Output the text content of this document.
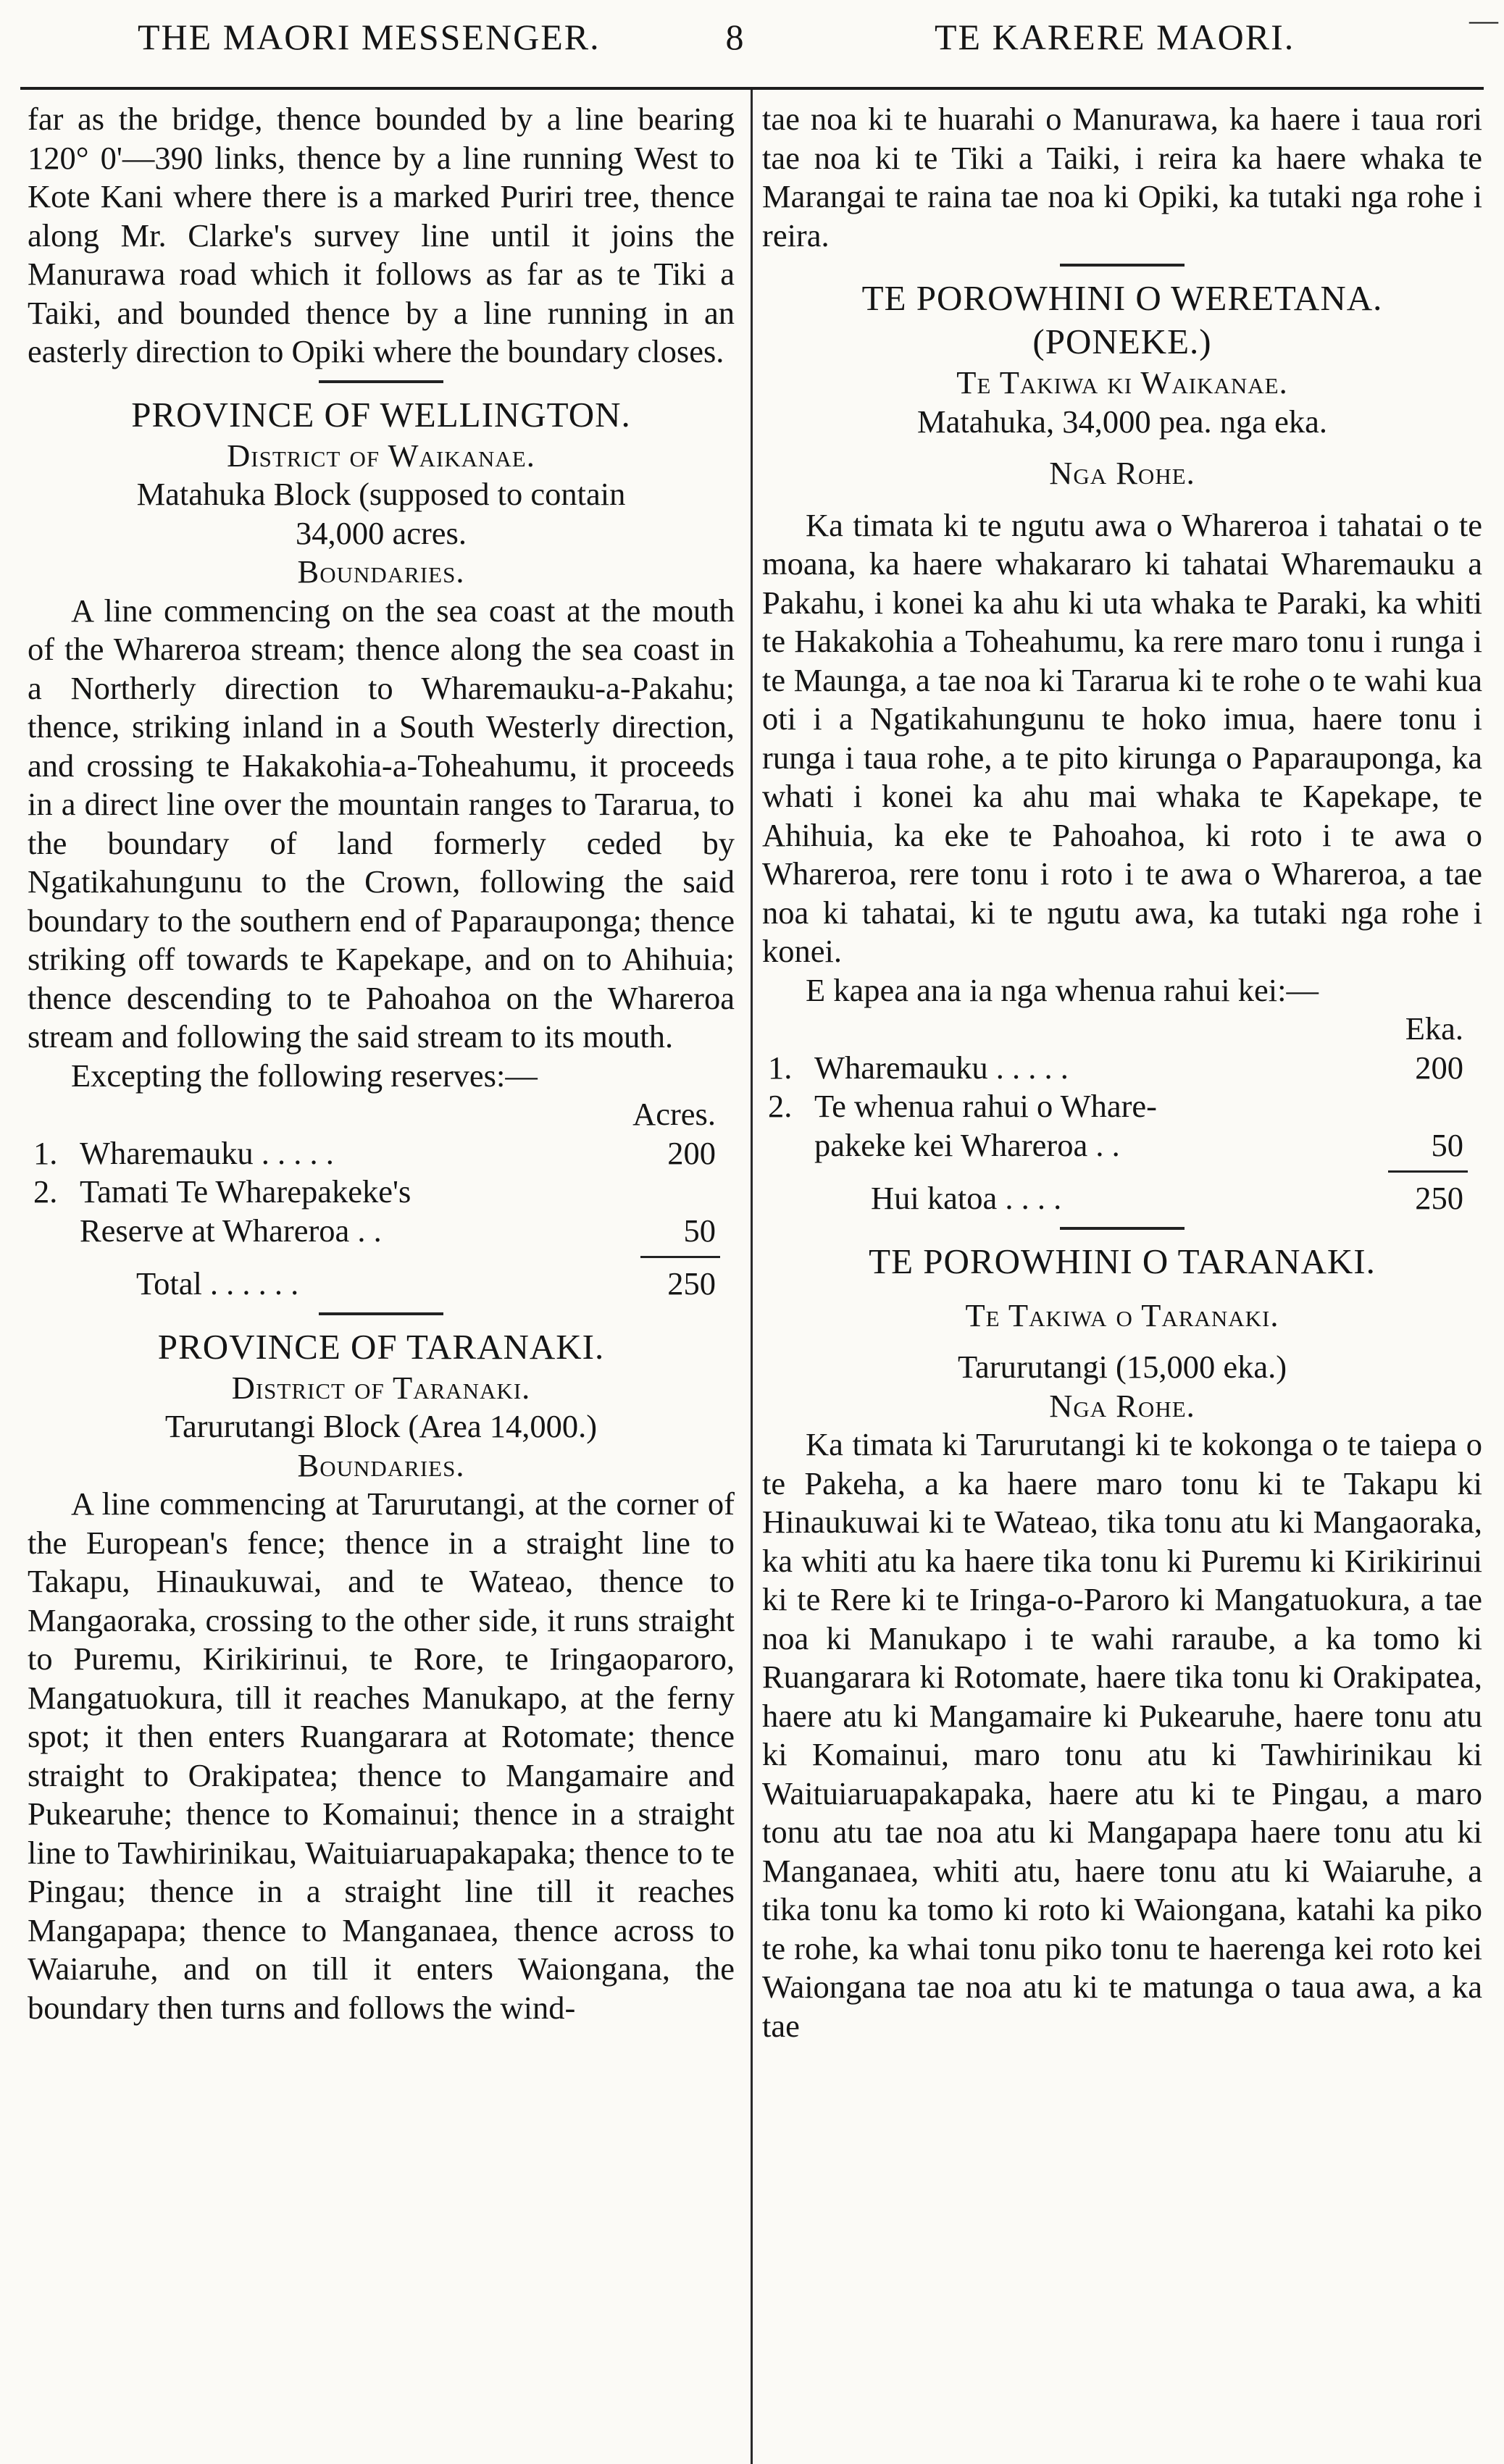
THE MAORI MESSENGER.	8	TE KARERE MAORI.	—

far as the bridge, thence bounded by a line bearing 120° 0'—390 links, thence by a line running West to Kote Kani where there is a marked Puriri tree, thence along Mr. Clarke's survey line until it joins the Manurawa road which it follows as far as te Tiki a Taiki, and bounded thence by a line running in an easterly direction to Opiki where the boundary closes.

PROVINCE OF WELLINGTON.
District of Waikanae.
Matahuka Block (supposed to contain
34,000 acres.
Boundaries.

A line commencing on the sea coast at the mouth of the Whareroa stream; thence along the sea coast in a Northerly direction to Wharemauku-a-Pakahu; thence, striking inland in a South Westerly direction, and crossing te Hakakohia-a-Toheahumu, it proceeds in a direct line over the mountain ranges to Tararua, to the boundary of land formerly ceded by Ngatikahungunu to the Crown, following the said boundary to the southern end of Paparauponga; thence striking off towards te Kapekape, and on to Ahihuia; thence descending to te Pahoahoa on the Whareroa stream and following the said stream to its mouth.

Excepting the following reserves:—

Acres.
1. Wharemauku . . . . .	200
2. Tamati Te Wharepakeke's
Reserve at Whareroa . .	50
Total . . . . . .	250
PROVINCE OF TARANAKI.
District of Taranaki.
Tarurutangi Block (Area 14,000.)
Boundaries.

A line commencing at Tarurutangi, at the corner of the European's fence; thence in a straight line to Takapu, Hinaukuwai, and te Wateao, thence to Mangaoraka, crossing to the other side, it runs straight to Puremu, Kirikirinui, te Rore, te Iringaoparoro, Mangatuokura, till it reaches Manukapo, at the ferny spot; it then enters Ruangarara at Rotomate; thence straight to Orakipatea; thence to Mangamaire and Pukearuhe; thence to Komainui; thence in a straight line to Tawhirinikau, Waituiaruapakapaka; thence to te Pingau; thence in a straight line till it reaches Mangapapa; thence to Manganaea, thence across to Waiaruhe, and on till it enters Waiongana, the boundary then turns and follows the wind-

tae noa ki te huarahi o Manurawa, ka haere i taua rori tae noa ki te Tiki a Taiki, i reira ka haere whaka te Marangai te raina tae noa ki Opiki, ka tutaki nga rohe i reira.

TE POROWHINI O WERETANA.
(PONEKE.)
Te Takiwa ki Waikanae.
Matahuka, 34,000 pea. nga eka.
Nga Rohe.

Ka timata ki te ngutu awa o Whareroa i tahatai o te moana, ka haere whakararo ki tahatai Wharemauku a Pakahu, i konei ka ahu ki uta whaka te Paraki, ka whiti te Hakakohia a Toheahumu, ka rere maro tonu i runga i te Maunga, a tae noa ki Tararua ki te rohe o te wahi kua oti i a Ngatikahungunu te hoko imua, haere tonu i runga i taua rohe, a te pito kirunga o Paparauponga, ka whati i konei ka ahu mai whaka te Kapekape, te Ahihuia, ka eke te Pahoahoa, ki roto i te awa o Whareroa, rere tonu i roto i te awa o Whareroa, a tae noa ki tahatai, ki te ngutu awa, ka tutaki nga rohe i konei.

E kapea ana ia nga whenua rahui kei:—

Eka.
1. Wharemauku . . . . .	200
2. Te whenua rahui o Whare-
pakeke kei Whareroa . .	50
Hui katoa . . . .	250
TE POROWHINI O TARANAKI.
Te Takiwa o Taranaki.
Tarurutangi (15,000 eka.)
Nga Rohe.

Ka timata ki Tarurutangi ki te kokonga o te taiepa o te Pakeha, a ka haere maro tonu ki te Takapu ki Hinaukuwai ki te Wateao, tika tonu atu ki Mangaoraka, ka whiti atu ka haere tika tonu ki Puremu ki Kirikirinui ki te Rere ki te Iringa-o-Paroro ki Mangatuokura, a tae noa ki Manukapo i te wahi raraube, a ka tomo ki Ruangarara ki Rotomate, haere tika tonu ki Orakipatea, haere atu ki Mangamaire ki Pukearuhe, haere tonu atu ki Komainui, maro tonu atu ki Tawhirinikau ki Waituiaruapakapaka, haere atu ki te Pingau, a maro tonu atu tae noa atu ki Mangapapa haere tonu atu ki Manganaea, whiti atu, haere tonu atu ki Waiaruhe, a tika tonu ka tomo ki roto ki Waiongana, katahi ka piko te rohe, ka whai tonu piko tonu te haerenga kei roto kei Waiongana tae noa atu ki te matunga o taua awa, a ka tae
